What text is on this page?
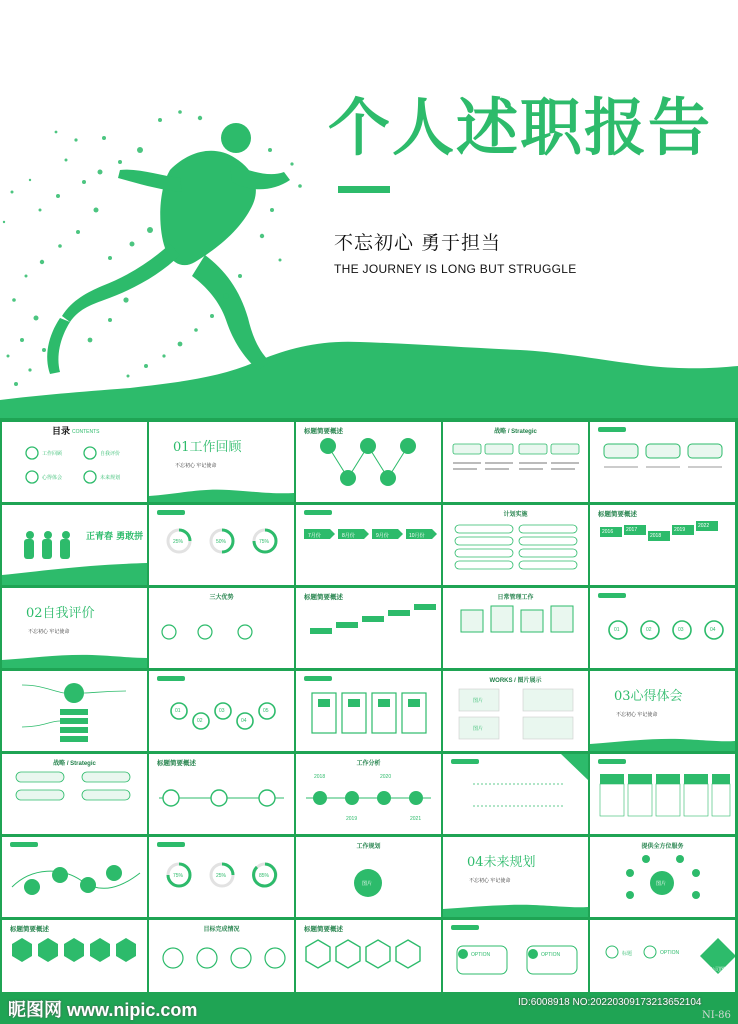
个人述职报告
不忘初心 勇于担当
THE JOURNEY IS LONG BUT STRUGGLE
目录 CONTENTS
工作回顾	自我评价
心得体会	未来规划
01工作回顾
不忘初心 牢记使命
标题简要概述	战略 / Strategic
正青春 勇敢拼	25%	50%	75%
7月份	8月份	9月份	10月份
计划实施	标题简要概述
2016	2017
2018
2019
2022
02自我评价
不忘初心 牢记使命
三大优势	标题简要概述	日常管理工作
01	02	03	04
01
02
03
04
05
WORKS / 图片展示
图片
图片
03心得体会
不忘初心 牢记使命
战略 / Strategic	标题简要概述	工作分析
2018	2020
2019	2021
75%	25%	85%
工作规划
图片
04未来规划
不忘初心 牢记使命
提供全方位服务
图片
标题简要概述	目标完成情况	标题简要概述
OPTION	OPTION
公司图片
标题	OPTION
昵图网 www.nipic.com	ID:6008918 NO:20220309173213652104
NI-86
